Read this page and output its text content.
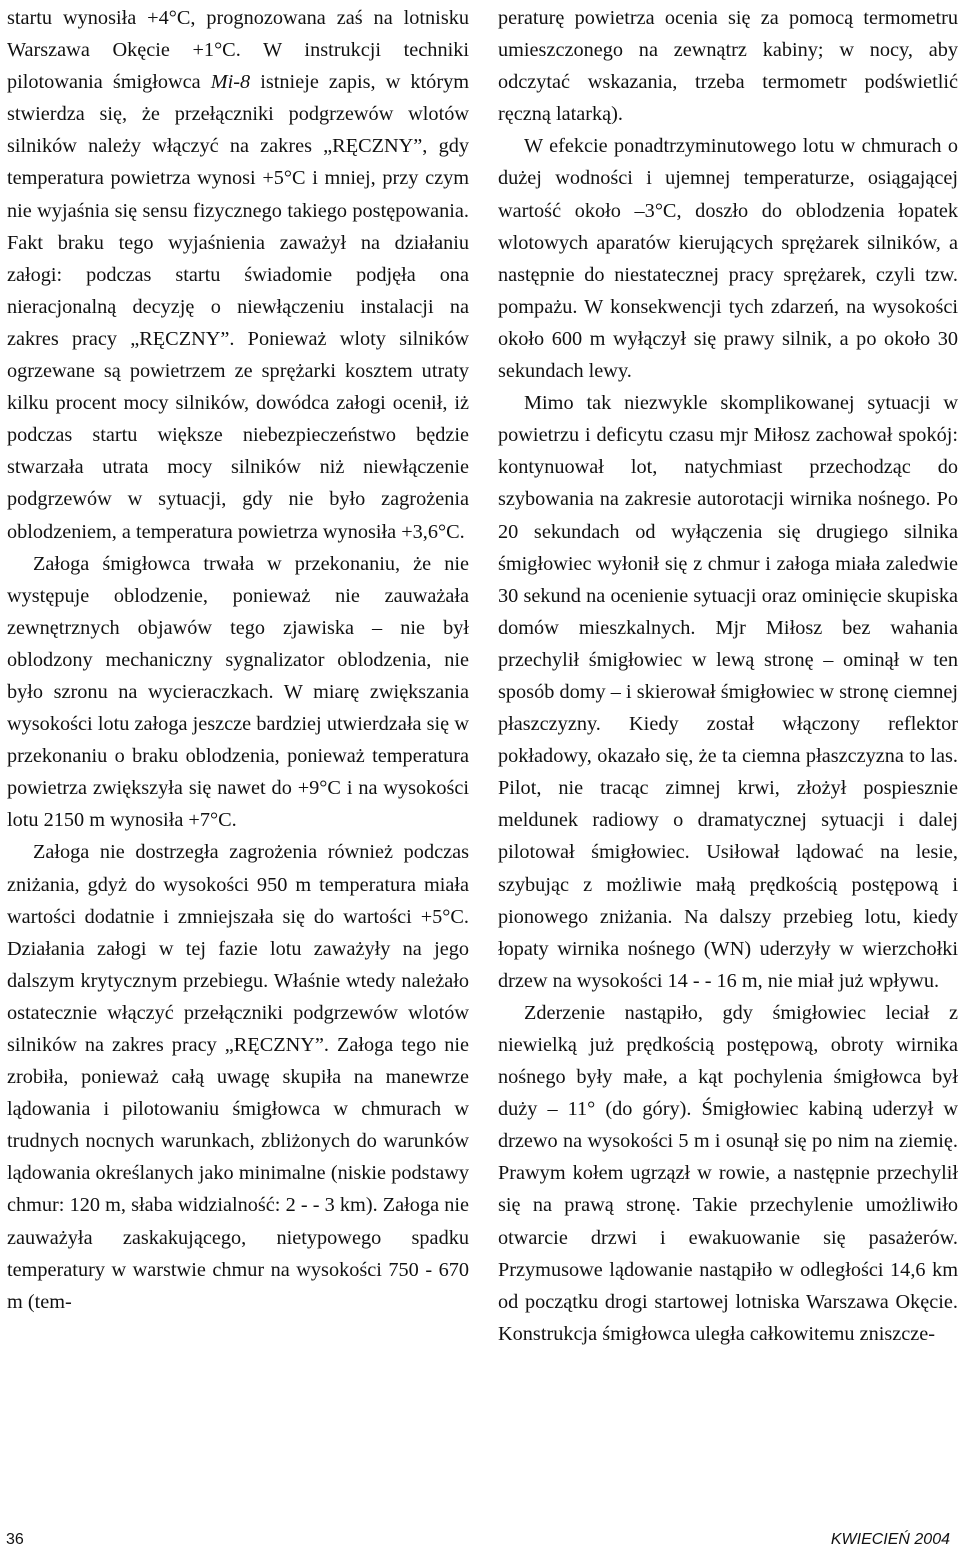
startu wynosiła +4°C, prognozowana zaś na lotnisku Warszawa Okęcie +1°C. W instrukcji techniki pilotowania śmigłowca Mi-8 istnieje zapis, w którym stwierdza się, że przełączniki podgrzewów wlotów silników należy włączyć na zakres „RĘCZNY”, gdy temperatura powietrza wynosi +5°C i mniej, przy czym nie wyjaśnia się sensu fizycznego takiego postępowania. Fakt braku tego wyjaśnienia zaważył na działaniu załogi: podczas startu świadomie podjęła ona nieracjonalną decyzję o niewłączeniu instalacji na zakres pracy „RĘCZNY”. Ponieważ wloty silników ogrzewane są powietrzem ze sprężarki kosztem utraty kilku procent mocy silników, dowódca załogi ocenił, iż podczas startu większe niebezpieczeństwo będzie stwarzała utrata mocy silników niż niewłączenie podgrzewów w sytuacji, gdy nie było zagrożenia oblodzeniem, a temperatura powietrza wynosiła +3,6°C.

Załoga śmigłowca trwała w przekonaniu, że nie występuje oblodzenie, ponieważ nie zauważała zewnętrznych objawów tego zjawiska – nie był oblodzony mechaniczny sygnalizator oblodzenia, nie było szronu na wycieraczkach. W miarę zwiększania wysokości lotu załoga jeszcze bardziej utwierdzała się w przekonaniu o braku oblodzenia, ponieważ temperatura powietrza zwiększyła się nawet do +9°C i na wysokości lotu 2150 m wynosiła +7°C.

Załoga nie dostrzegła zagrożenia również podczas zniżania, gdyż do wysokości 950 m temperatura miała wartości dodatnie i zmniejszała się do wartości +5°C. Działania załogi w tej fazie lotu zaważyły na jego dalszym krytycznym przebiegu. Właśnie wtedy należało ostatecznie włączyć przełączniki podgrzewów wlotów silników na zakres pracy „RĘCZNY”. Załoga tego nie zrobiła, ponieważ całą uwagę skupiła na manewrze lądowania i pilotowaniu śmigłowca w chmurach w trudnych nocnych warunkach, zbliżonych do warunków lądowania określanych jako minimalne (niskie podstawy chmur: 120 m, słaba widzialność: 2 - - 3 km). Załoga nie zauważyła zaskakującego, nietypowego spadku temperatury w warstwie chmur na wysokości 750 - 670 m (tem-

peraturę powietrza ocenia się za pomocą termometru umieszczonego na zewnątrz kabiny; w nocy, aby odczytać wskazania, trzeba termometr podświetlić ręczną latarką).

W efekcie ponadtrzyminutowego lotu w chmurach o dużej wodności i ujemnej temperaturze, osiągającej wartość około –3°C, doszło do oblodzenia łopatek wlotowych aparatów kierujących sprężarek silników, a następnie do niestatecznej pracy sprężarek, czyli tzw. pompażu. W konsekwencji tych zdarzeń, na wysokości około 600 m wyłączył się prawy silnik, a po około 30 sekundach lewy.

Mimo tak niezwykle skomplikowanej sytuacji w powietrzu i deficytu czasu mjr Miłosz zachował spokój: kontynuował lot, natychmiast przechodząc do szybowania na zakresie autorotacji wirnika nośnego. Po 20 sekundach od wyłączenia się drugiego silnika śmigłowiec wyłonił się z chmur i załoga miała zaledwie 30 sekund na ocenienie sytuacji oraz ominięcie skupiska domów mieszkalnych. Mjr Miłosz bez wahania przechylił śmigłowiec w lewą stronę – ominął w ten sposób domy – i skierował śmigłowiec w stronę ciemnej płaszczyzny. Kiedy został włączony reflektor pokładowy, okazało się, że ta ciemna płaszczyzna to las. Pilot, nie tracąc zimnej krwi, złożył pospiesznie meldunek radiowy o dramatycznej sytuacji i dalej pilotował śmigłowiec. Usiłował lądować na lesie, szybując z możliwie małą prędkością postępową i pionowego zniżania. Na dalszy przebieg lotu, kiedy łopaty wirnika nośnego (WN) uderzyły w wierzchołki drzew na wysokości 14 - - 16 m, nie miał już wpływu.

Zderzenie nastąpiło, gdy śmigłowiec leciał z niewielką już prędkością postępową, obroty wirnika nośnego były małe, a kąt pochylenia śmigłowca był duży – 11° (do góry). Śmigłowiec kabiną uderzył w drzewo na wysokości 5 m i osunął się po nim na ziemię. Prawym kołem ugrzązł w rowie, a następnie przechylił się na prawą stronę. Takie przechylenie umożliwiło otwarcie drzwi i ewakuowanie się pasażerów. Przymusowe lądowanie nastąpiło w odległości 14,6 km od początku drogi startowej lotniska Warszawa Okęcie. Konstrukcja śmigłowca uległa całkowitemu zniszcze-

36	KWIECIEŃ 2004
